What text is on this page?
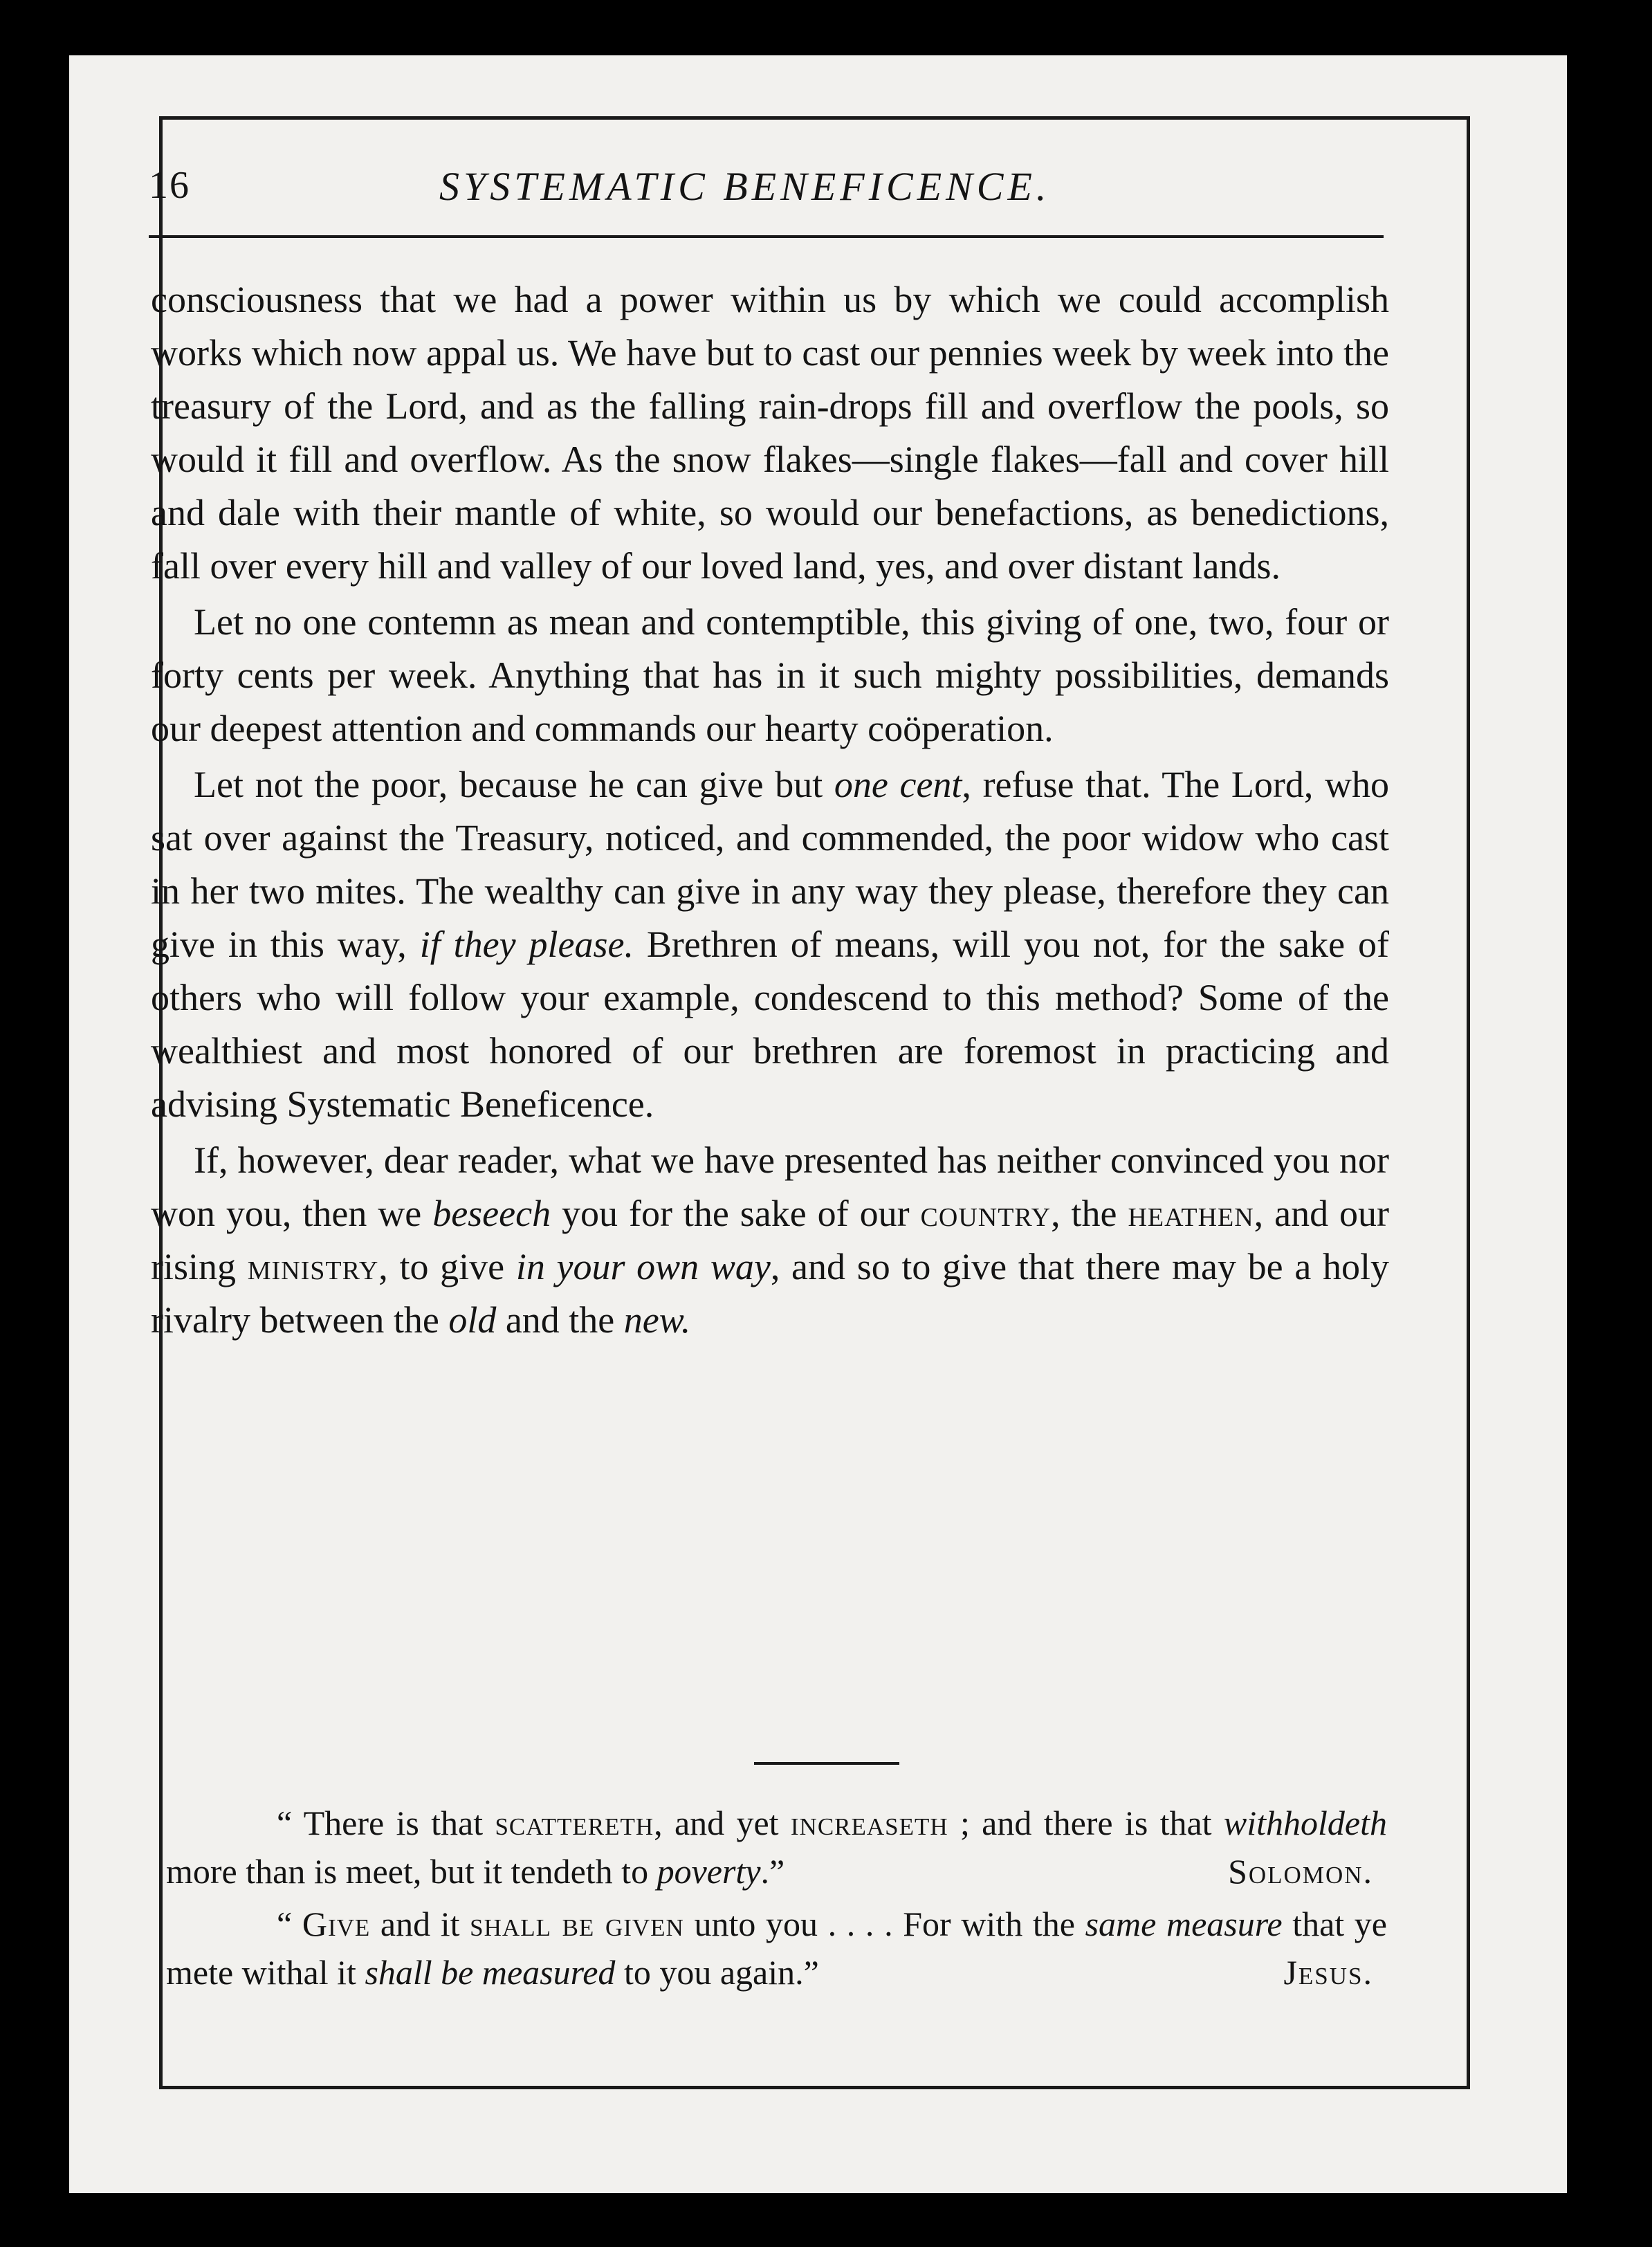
16	SYSTEMATIC BENEFICENCE.

consciousness that we had a power within us by which we could accomplish works which now appal us. We have but to cast our pennies week by week into the treasury of the Lord, and as the falling rain-drops fill and overflow the pools, so would it fill and overflow. As the snow flakes—single flakes—fall and cover hill and dale with their mantle of white, so would our benefactions, as benedictions, fall over every hill and valley of our loved land, yes, and over distant lands.

Let no one contemn as mean and contemptible, this giving of one, two, four or forty cents per week. Anything that has in it such mighty possibilities, demands our deepest attention and commands our hearty coöperation.

Let not the poor, because he can give but one cent, refuse that. The Lord, who sat over against the Treasury, noticed, and commended, the poor widow who cast in her two mites. The wealthy can give in any way they please, therefore they can give in this way, if they please. Brethren of means, will you not, for the sake of others who will follow your example, condescend to this method? Some of the wealthiest and most honored of our brethren are foremost in practicing and advising Systematic Beneficence.

If, however, dear reader, what we have presented has neither convinced you nor won you, then we beseech you for the sake of our country, the heathen, and our rising ministry, to give in your own way, and so to give that there may be a holy rivalry between the old and the new.

“ There is that scattereth, and yet increaseth ; and there is that withholdeth more than is meet, but it tendeth to poverty.”	Solomon.

“ Give and it shall be given unto you . . . . For with the same measure that ye mete withal it shall be measured to you again.”	Jesus.
